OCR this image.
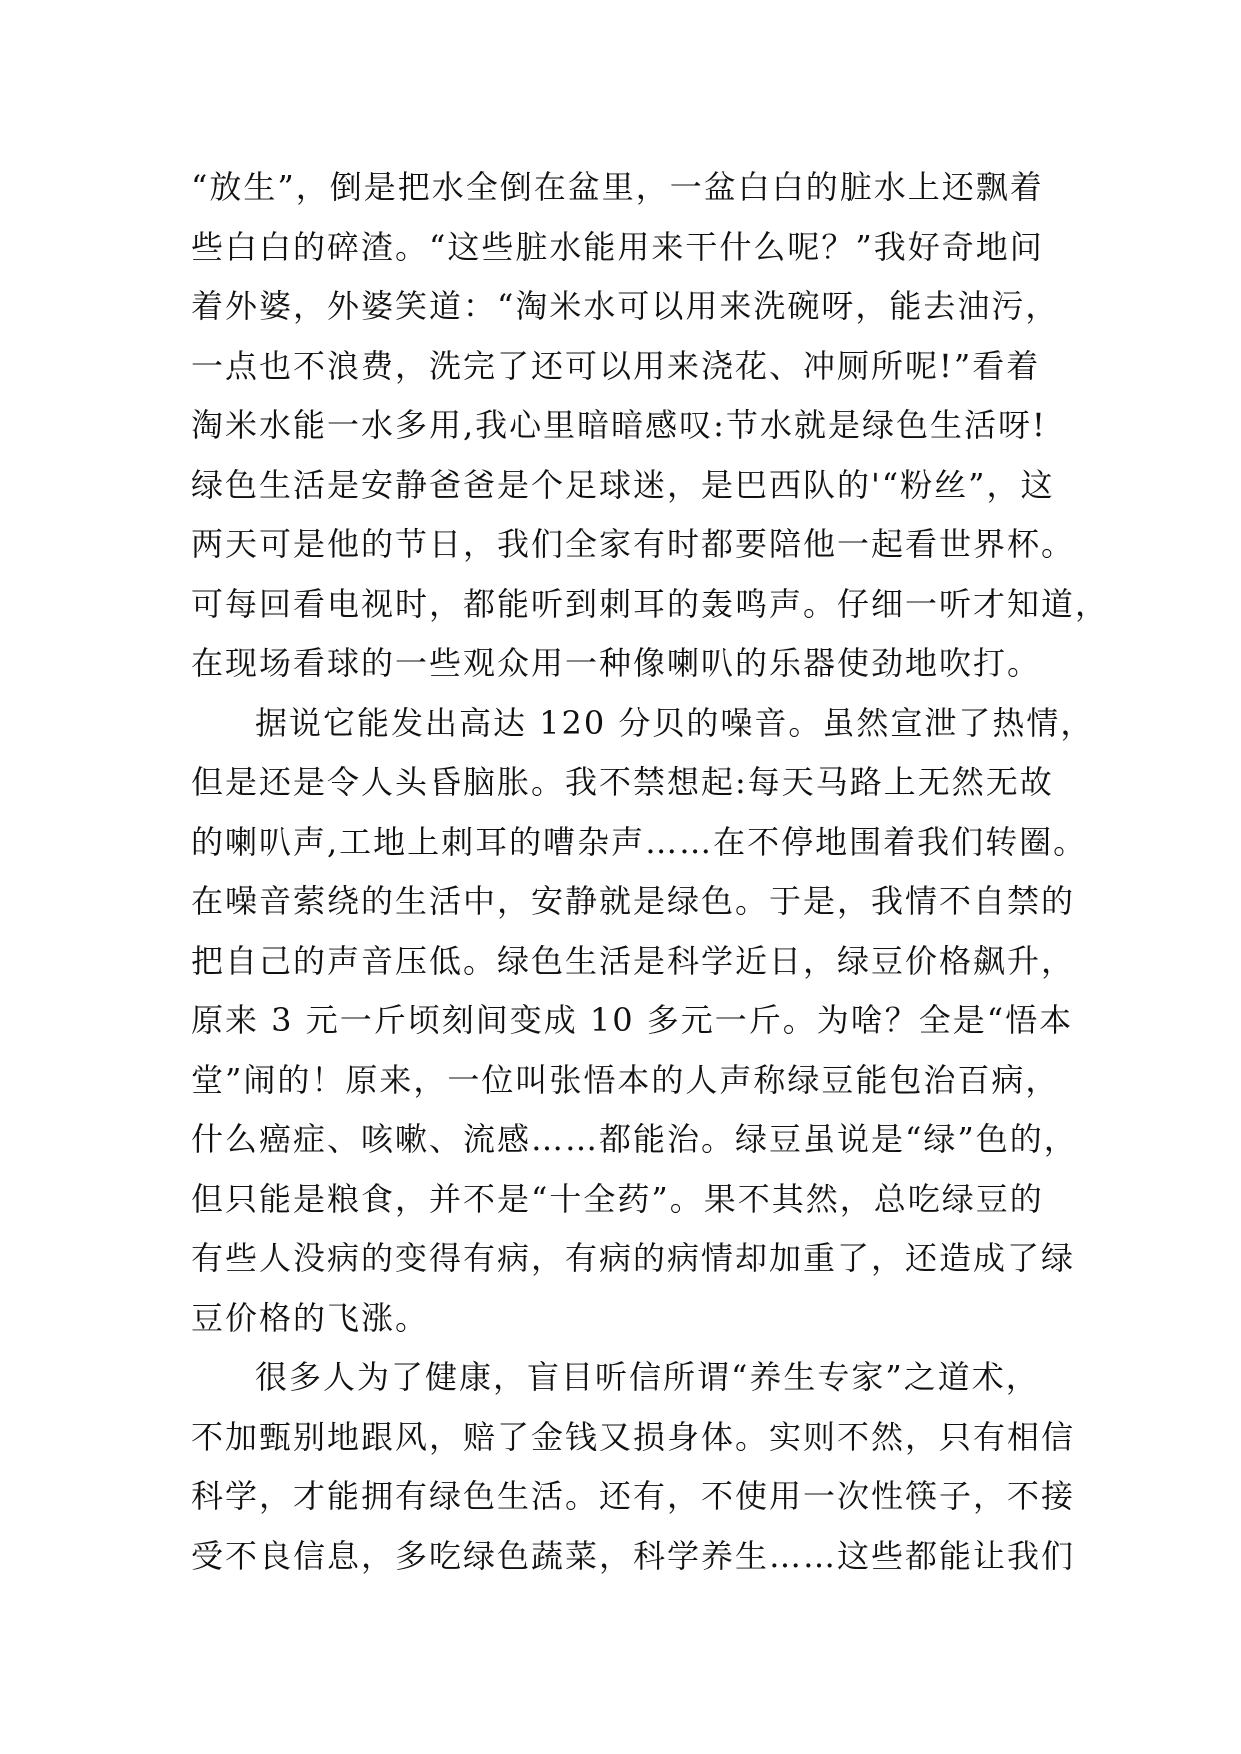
“放生”，倒是把水全倒在盆里，一盆白白的脏水上还飘着
些白白的碎渣。“这些脏水能用来干什么呢？”我好奇地问
着外婆，外婆笑道：“淘米水可以用来洗碗呀，能去油污，
一点也不浪费，洗完了还可以用来浇花、冲厕所呢!”看着
淘米水能一水多用,我心里暗暗感叹:节水就是绿色生活呀!
绿色生活是安静爸爸是个足球迷，是巴西队的'“粉丝”，这
两天可是他的节日，我们全家有时都要陪他一起看世界杯。
可每回看电视时，都能听到刺耳的轰鸣声。仔细一听才知道，
在现场看球的一些观众用一种像喇叭的乐器使劲地吹打。
据说它能发出高达 120 分贝的噪音。虽然宣泄了热情，
但是还是令人头昏脑胀。我不禁想起:每天马路上无然无故
的喇叭声,工地上刺耳的嘈杂声……在不停地围着我们转圈。
在噪音萦绕的生活中，安静就是绿色。于是，我情不自禁的
把自己的声音压低。绿色生活是科学近日，绿豆价格飙升，
原来 3 元一斤顷刻间变成 10 多元一斤。为啥？全是“悟本
堂”闹的！原来，一位叫张悟本的人声称绿豆能包治百病，
什么癌症、咳嗽、流感……都能治。绿豆虽说是“绿”色的，
但只能是粮食，并不是“十全药”。果不其然，总吃绿豆的
有些人没病的变得有病，有病的病情却加重了，还造成了绿
豆价格的飞涨。
很多人为了健康，盲目听信所谓“养生专家”之道术，
不加甄别地跟风，赔了金钱又损身体。实则不然，只有相信
科学，才能拥有绿色生活。还有，不使用一次性筷子，不接
受不良信息，多吃绿色蔬菜，科学养生……这些都能让我们
